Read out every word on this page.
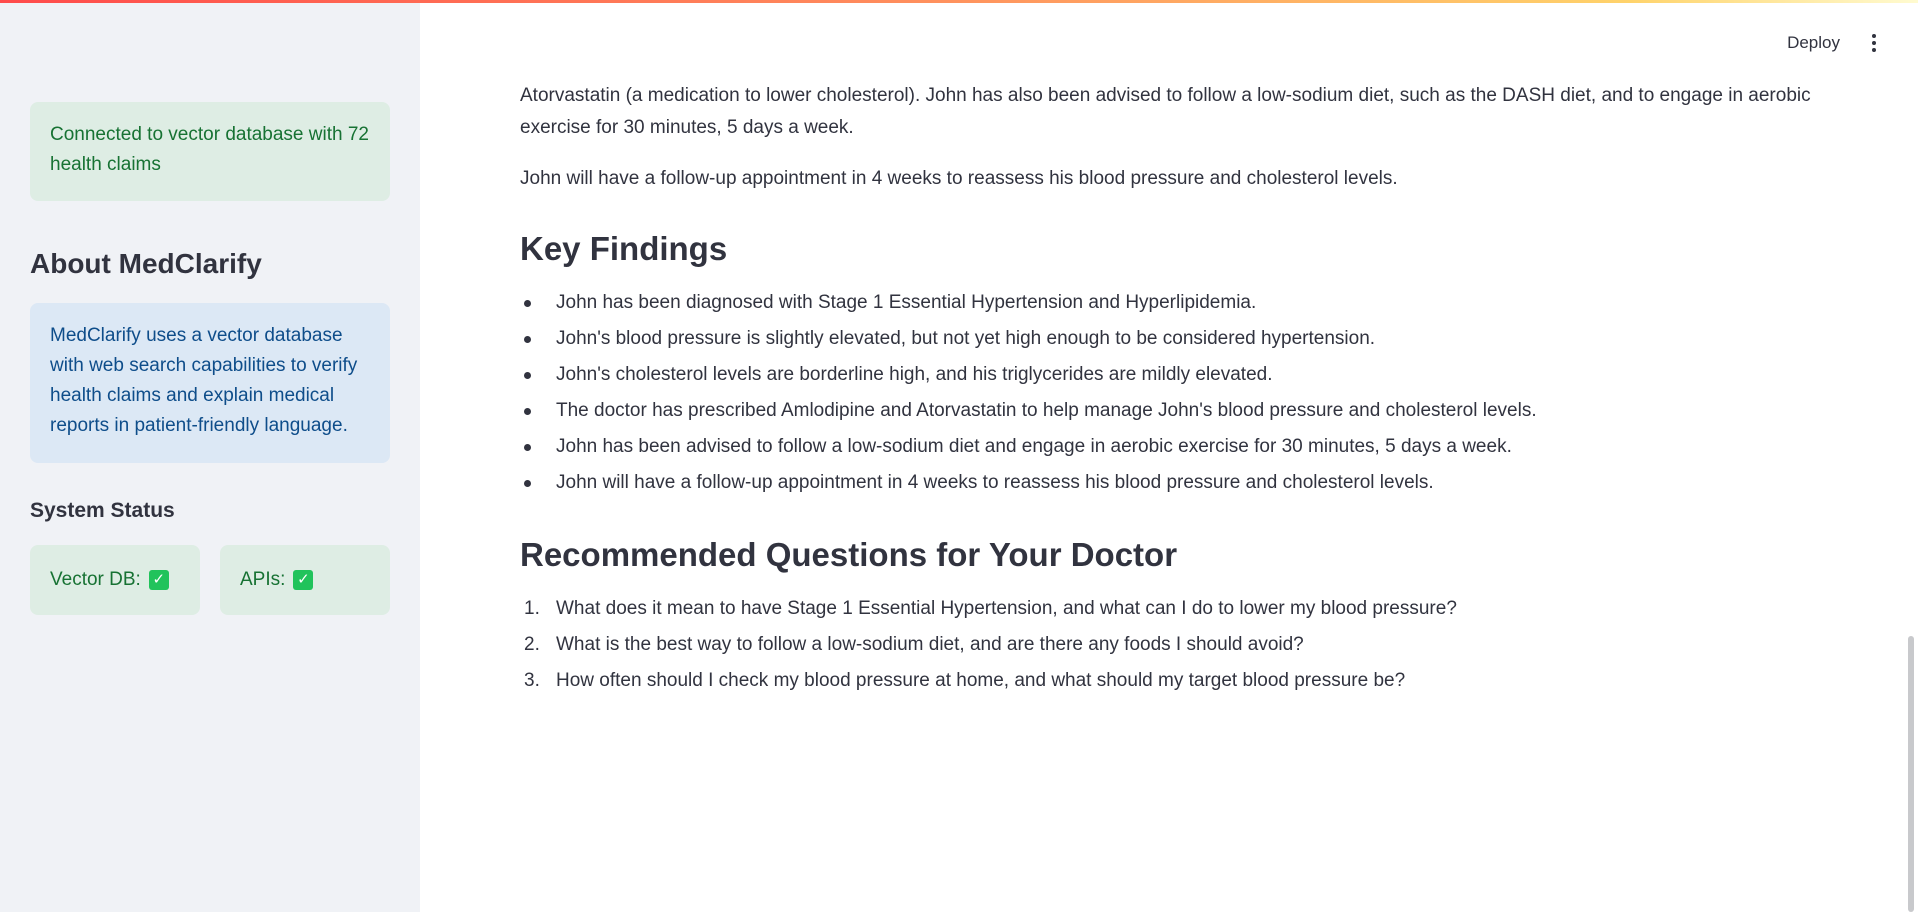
Connected to vector database with 72 health claims
About MedClarify
MedClarify uses a vector database with web search capabilities to verify health claims and explain medical reports in patient-friendly language.
System Status
Vector DB: ✓	APIs: ✓
Deploy

Atorvastatin (a medication to lower cholesterol). John has also been advised to follow a low-sodium diet, such as the DASH diet, and to engage in aerobic exercise for 30 minutes, 5 days a week.

John will have a follow-up appointment in 4 weeks to reassess his blood pressure and cholesterol levels.

Key Findings
John has been diagnosed with Stage 1 Essential Hypertension and Hyperlipidemia.
John's blood pressure is slightly elevated, but not yet high enough to be considered hypertension.
John's cholesterol levels are borderline high, and his triglycerides are mildly elevated.
The doctor has prescribed Amlodipine and Atorvastatin to help manage John's blood pressure and cholesterol levels.
John has been advised to follow a low-sodium diet and engage in aerobic exercise for 30 minutes, 5 days a week.
John will have a follow-up appointment in 4 weeks to reassess his blood pressure and cholesterol levels.
Recommended Questions for Your Doctor
1. What does it mean to have Stage 1 Essential Hypertension, and what can I do to lower my blood pressure?
2. What is the best way to follow a low-sodium diet, and are there any foods I should avoid?
3. How often should I check my blood pressure at home, and what should my target blood pressure be?
